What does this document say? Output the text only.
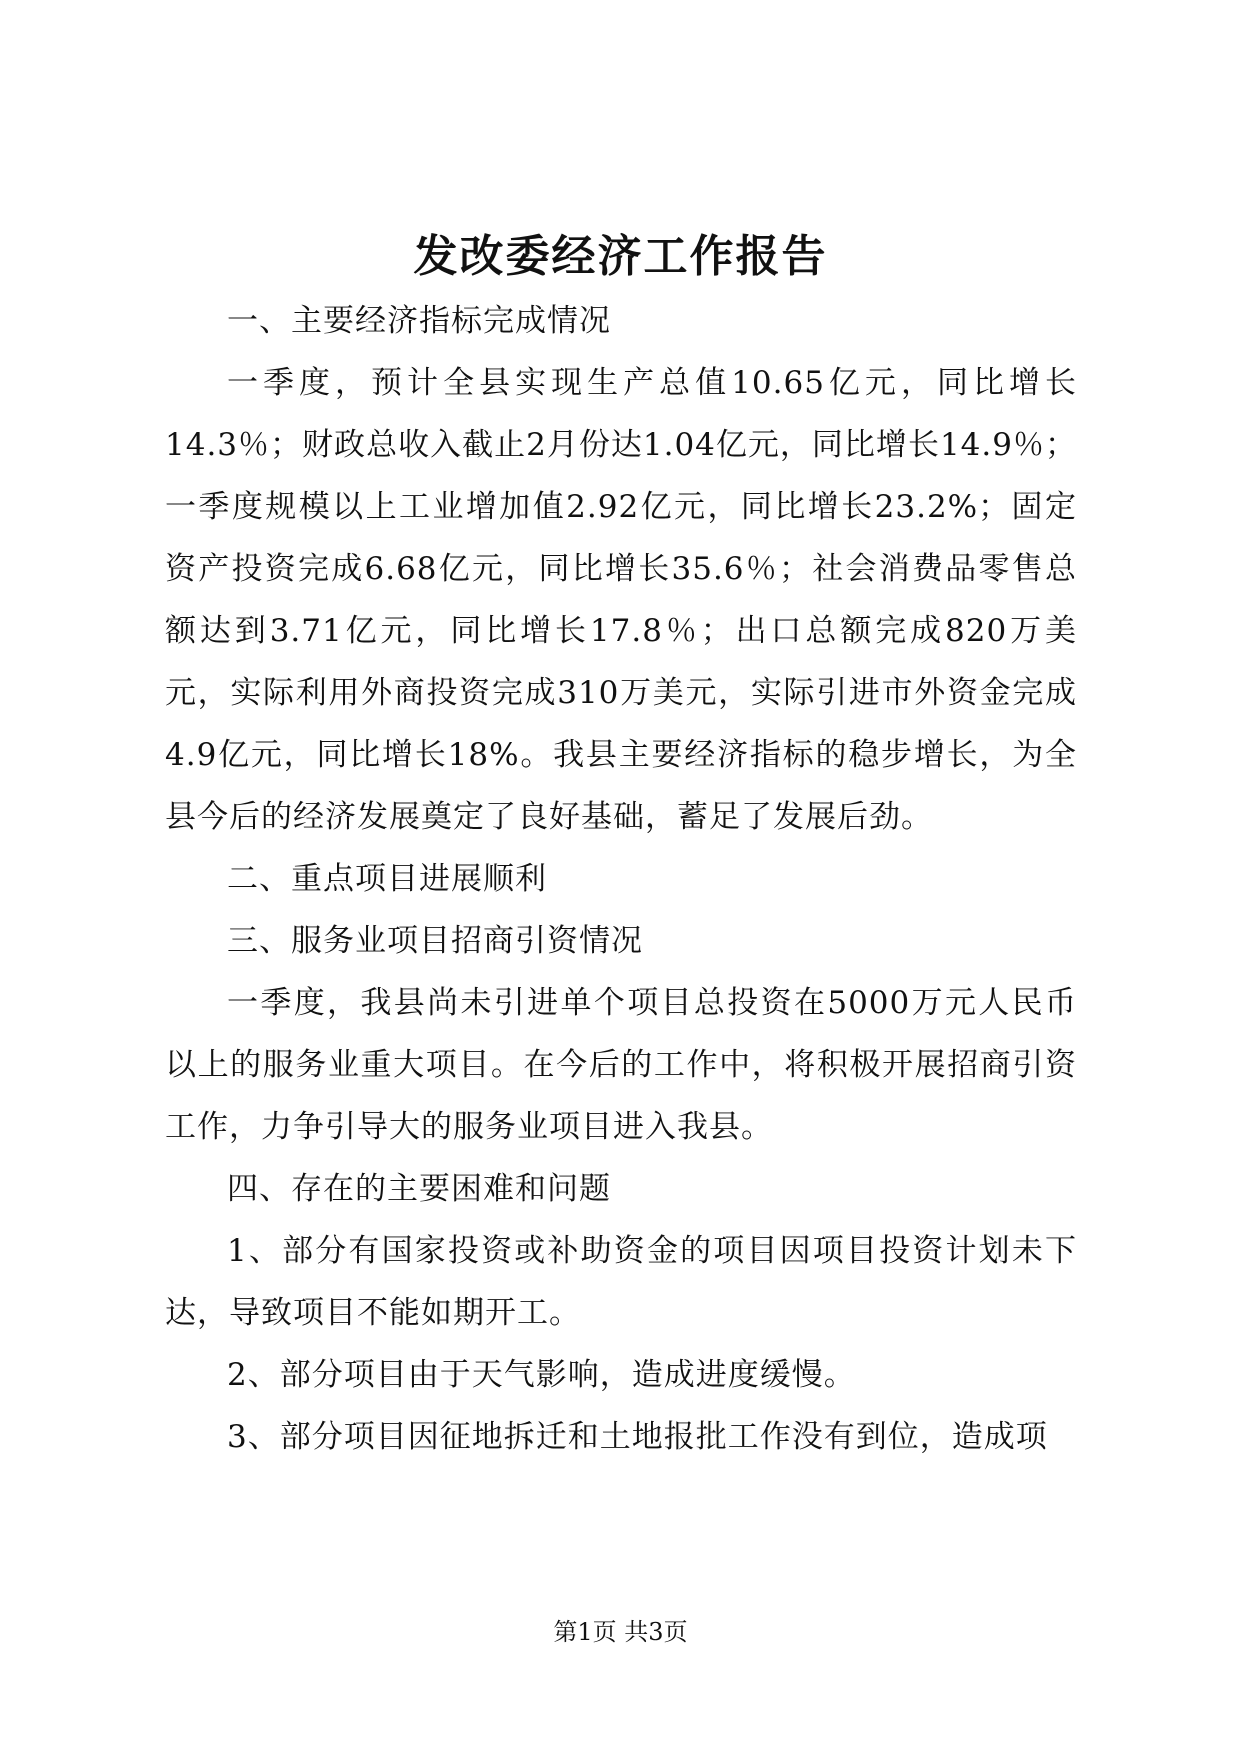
发改委经济工作报告

一、主要经济指标完成情况

一季度，预计全县实现生产总值10.65亿元，同比增长14.3％；财政总收入截止2月份达1.04亿元，同比增长14.9％；一季度规模以上工业增加值2.92亿元，同比增长23.2%；固定资产投资完成6.68亿元，同比增长35.6％；社会消费品零售总额达到3.71亿元，同比增长17.8％；出口总额完成820万美元，实际利用外商投资完成310万美元，实际引进市外资金完成4.9亿元，同比增长18%。我县主要经济指标的稳步增长，为全县今后的经济发展奠定了良好基础，蓄足了发展后劲。

二、重点项目进展顺利

三、服务业项目招商引资情况

一季度，我县尚未引进单个项目总投资在5000万元人民币以上的服务业重大项目。在今后的工作中，将积极开展招商引资工作，力争引导大的服务业项目进入我县。

四、存在的主要困难和问题

1、部分有国家投资或补助资金的项目因项目投资计划未下达，导致项目不能如期开工。

2、部分项目由于天气影响，造成进度缓慢。

3、部分项目因征地拆迁和土地报批工作没有到位，造成项

第1页 共3页
